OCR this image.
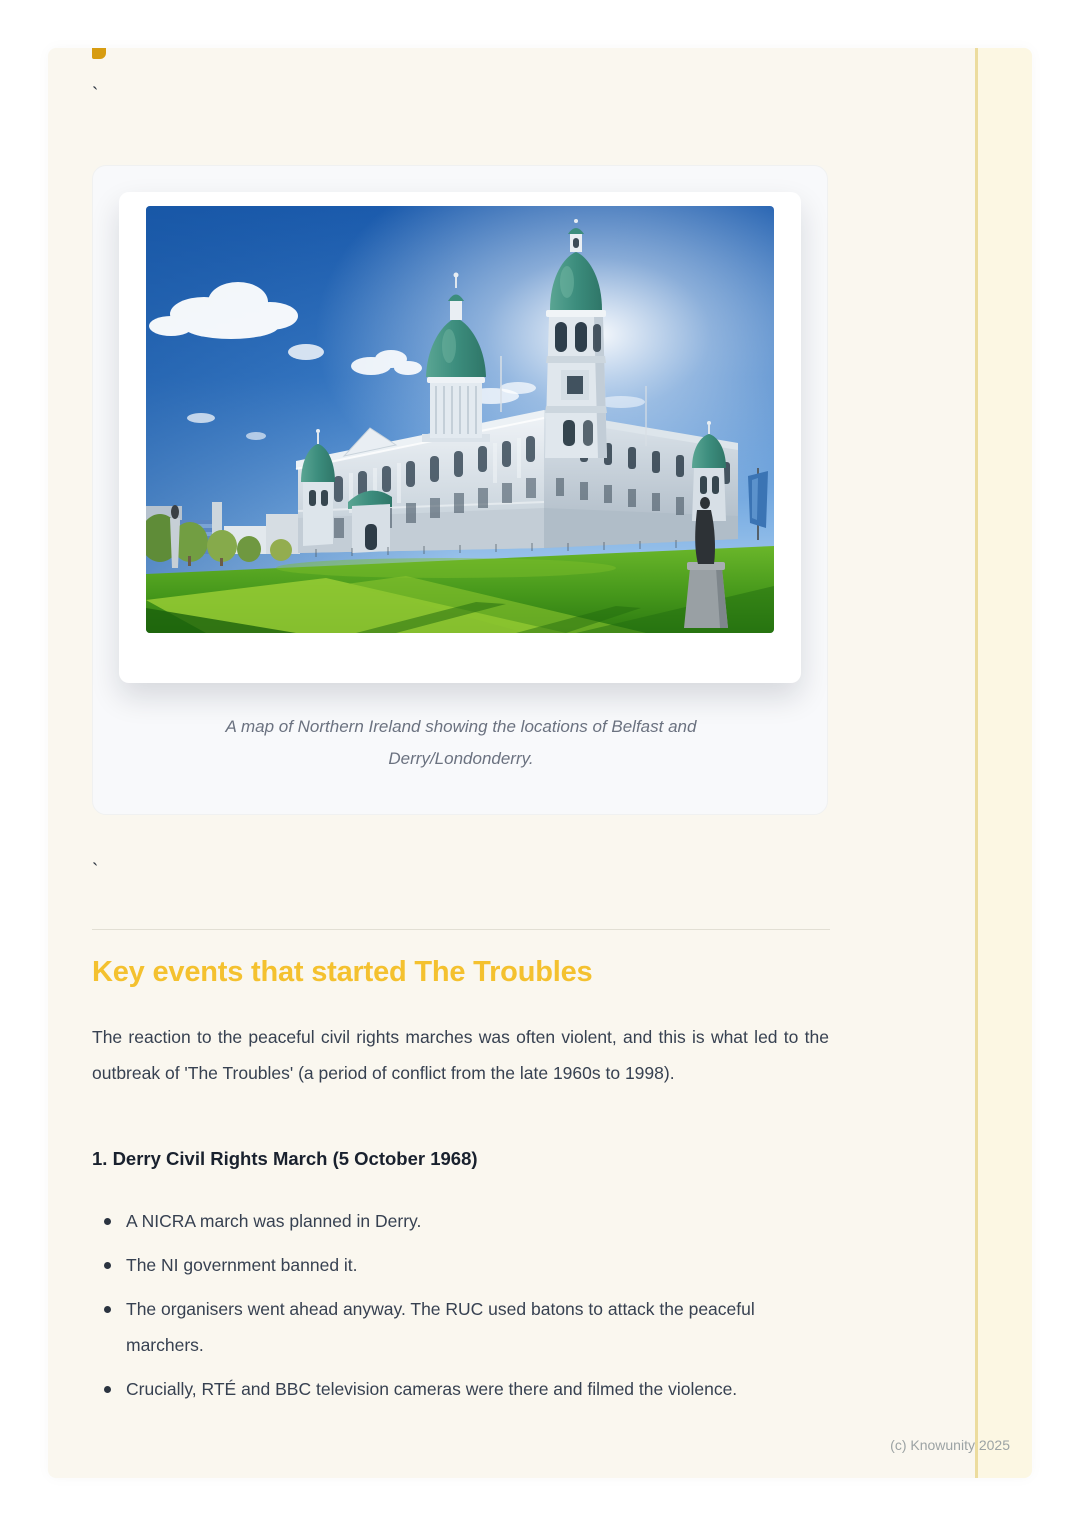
`
A map of Northern Ireland showing the locations of Belfast and Derry/Londonderry.
`
Key events that started The Troubles

The reaction to the peaceful civil rights marches was often violent, and this is what led to the outbreak of 'The Troubles' (a period of conflict from the late 1960s to 1998).

1. Derry Civil Rights March (5 October 1968)
A NICRA march was planned in Derry.
The NI government banned it.
The organisers went ahead anyway. The RUC used batons to attack the peaceful marchers.
Crucially, RTÉ and BBC television cameras were there and filmed the violence.
(c) Knowunity 2025
